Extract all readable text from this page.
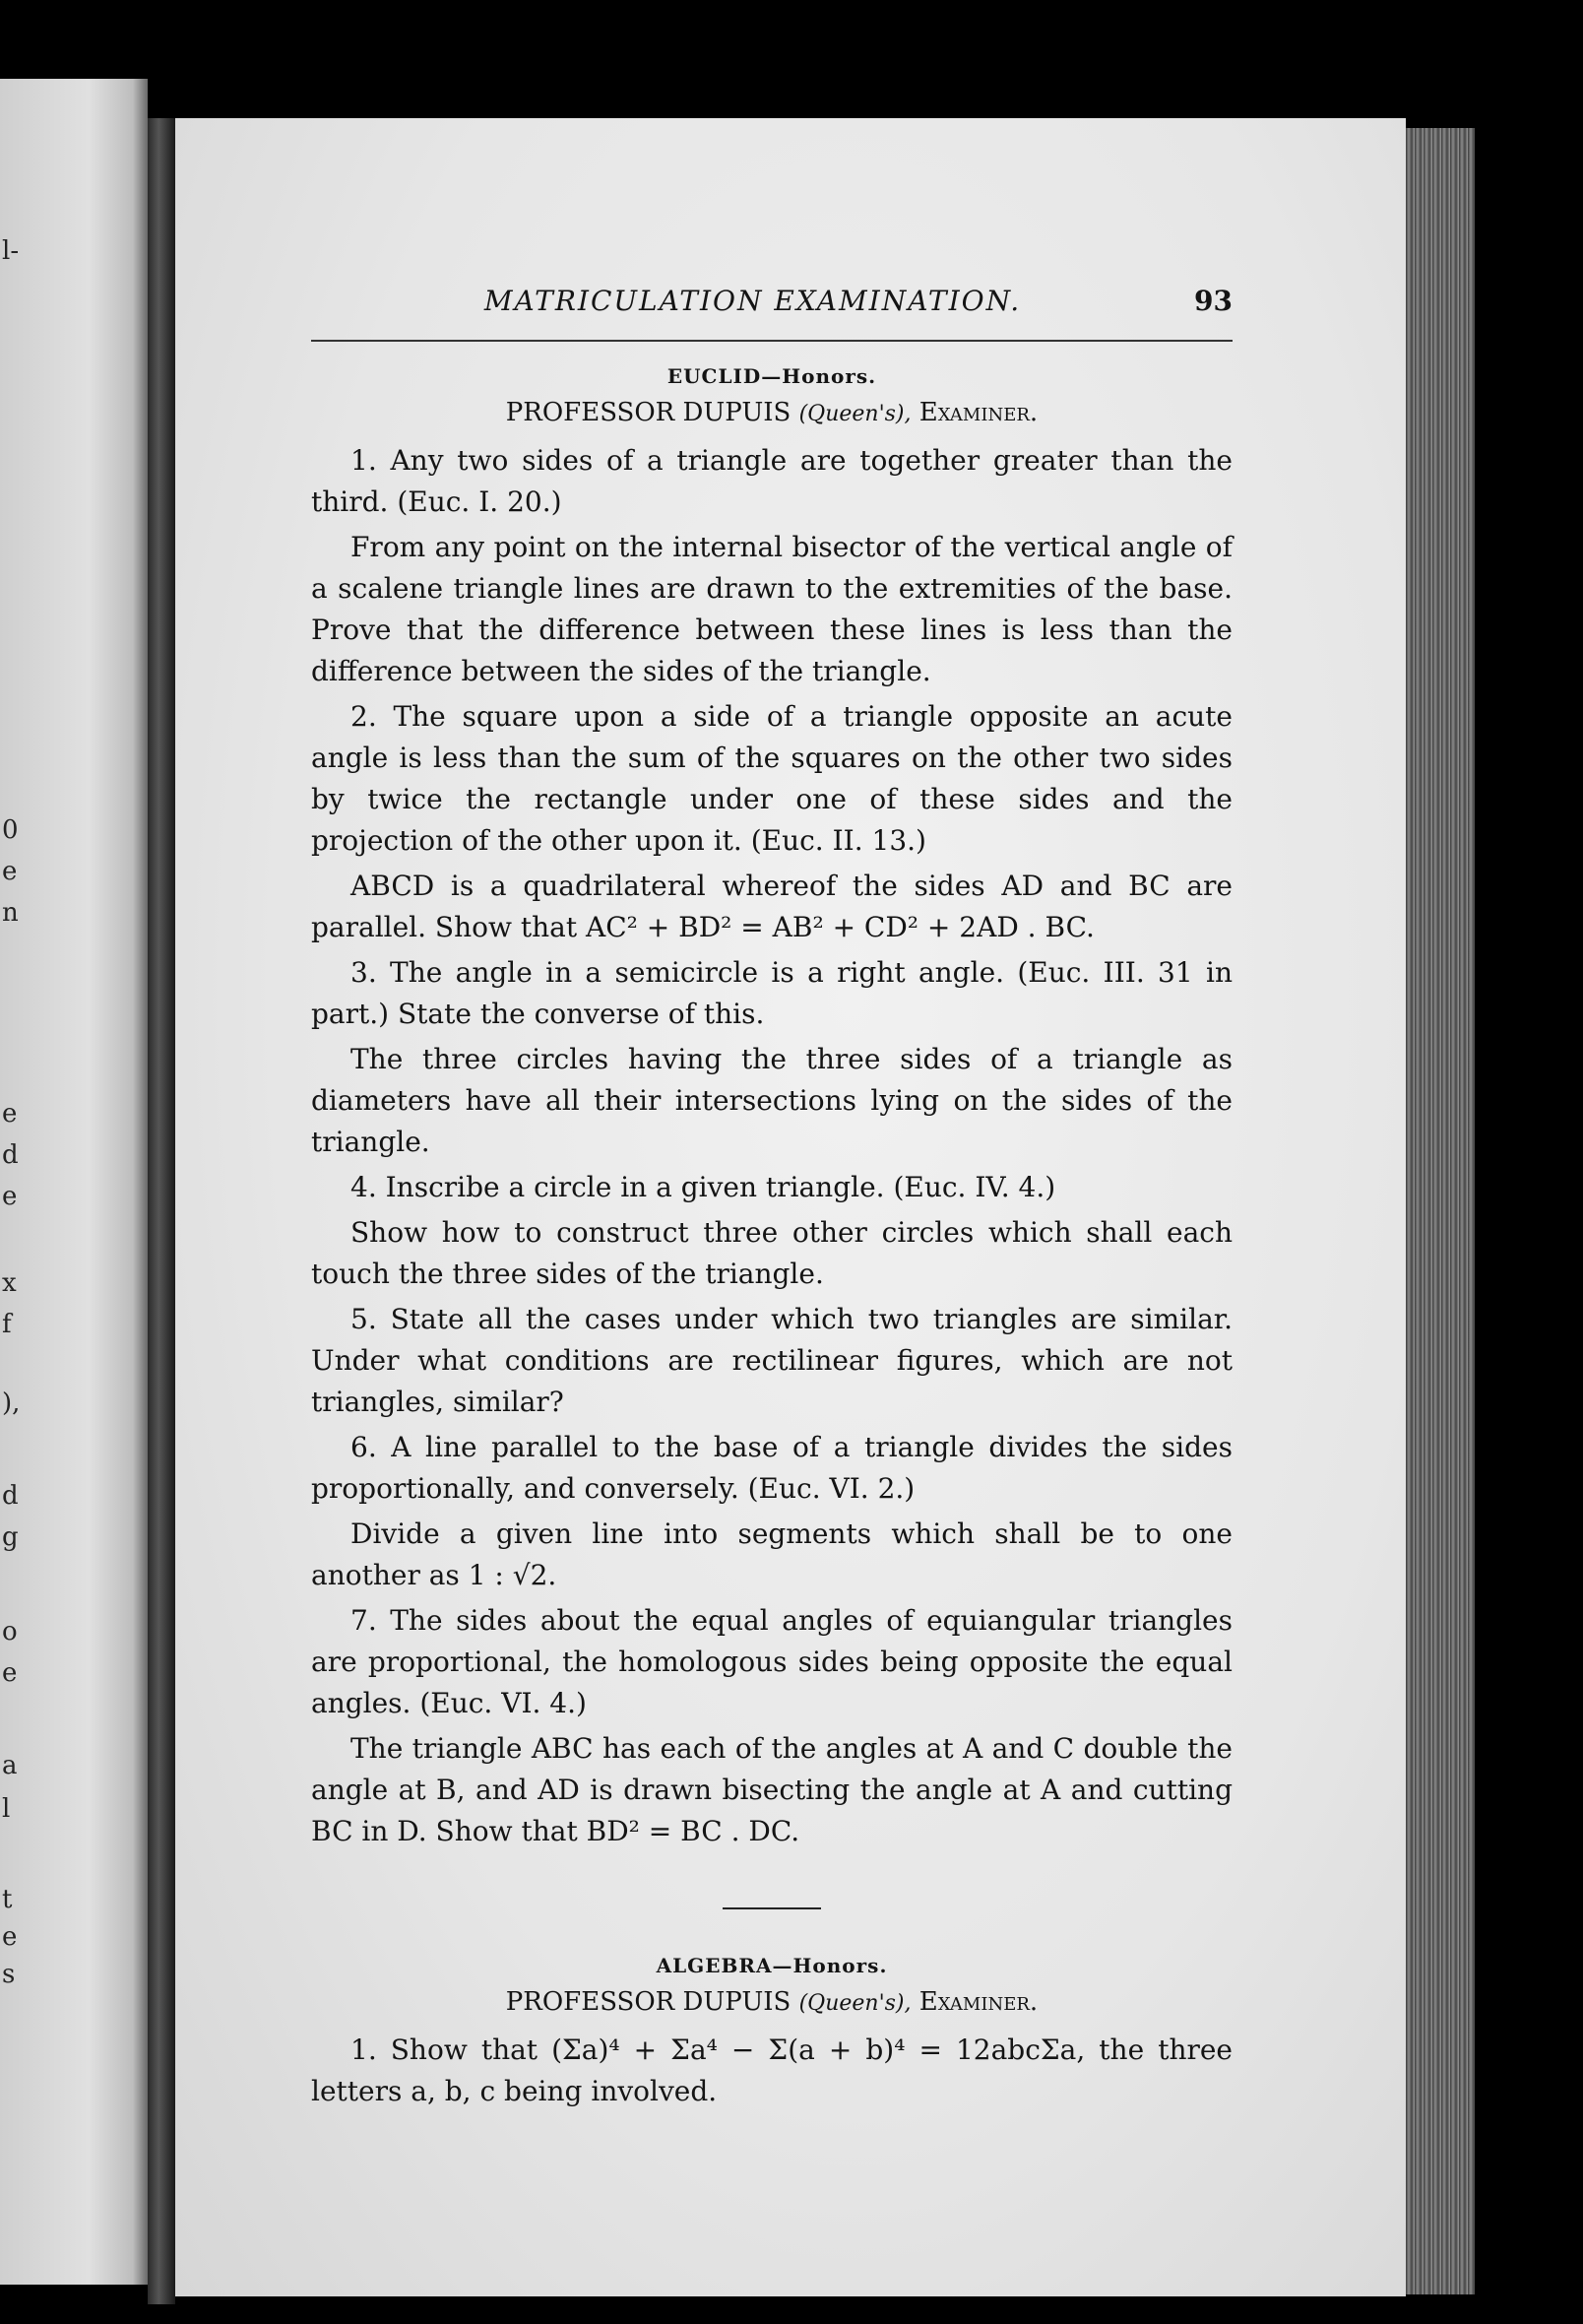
l-
0
e
n
e
d
e
x
f
),
d
g
o
e
a
l
t
e
s
MATRICULATION EXAMINATION.	93
EUCLID—Honors.
PROFESSOR DUPUIS (Queen's), Examiner.

1. Any two sides of a triangle are together greater than the third. (Euc. I. 20.)

From any point on the internal bisector of the vertical angle of a scalene triangle lines are drawn to the extremities of the base. Prove that the difference between these lines is less than the difference between the sides of the triangle.

2. The square upon a side of a triangle opposite an acute angle is less than the sum of the squares on the other two sides by twice the rectangle under one of these sides and the projection of the other upon it. (Euc. II. 13.)

ABCD is a quadrilateral whereof the sides AD and BC are parallel. Show that AC² + BD² = AB² + CD² + 2AD . BC.

3. The angle in a semicircle is a right angle. (Euc. III. 31 in part.) State the converse of this.

The three circles having the three sides of a triangle as diameters have all their intersections lying on the sides of the triangle.

4. Inscribe a circle in a given triangle. (Euc. IV. 4.)

Show how to construct three other circles which shall each touch the three sides of the triangle.

5. State all the cases under which two triangles are similar. Under what conditions are rectilinear figures, which are not triangles, similar?

6. A line parallel to the base of a triangle divides the sides proportionally, and conversely. (Euc. VI. 2.)

Divide a given line into segments which shall be to one another as 1 : √2.

7. The sides about the equal angles of equiangular triangles are proportional, the homologous sides being opposite the equal angles. (Euc. VI. 4.)

The triangle ABC has each of the angles at A and C double the angle at B, and AD is drawn bisecting the angle at A and cutting BC in D. Show that BD² = BC . DC.

ALGEBRA—Honors.
PROFESSOR DUPUIS (Queen's), Examiner.

1. Show that (Σa)⁴ + Σa⁴ − Σ(a + b)⁴ = 12abcΣa, the three letters a, b, c being involved.
